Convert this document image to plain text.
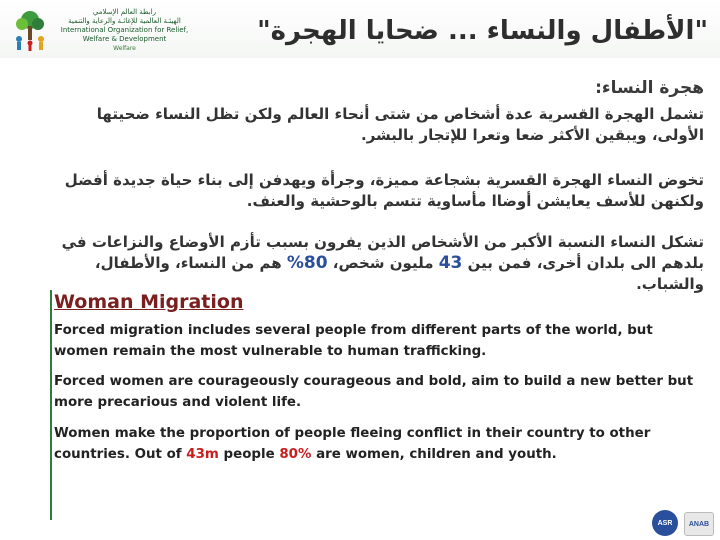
رابطة العالم الإسلامي
الهيئـة العالمية للإغاثـة والرعاية والتنمية
International Organization for Relief, Welfare & Development
Welfare
"الأطفال والنساء ... ضحايا الهجرة"
هجرة النساء:
تشمل الهجرة القسرية عدة أشخاص من شتى أنحاء العالم ولكن تظل النساء ضحيتها الأولى، ويبقين الأكثر ضعا وتعرا للإتجار بالبشر.
تخوض النساء الهجرة القسرية بشجاعة مميزة، وجرأة ويهدفن إلى بناء حياة جديدة أفضل ولكنهن للأسف يعايشن أوضاا مأساوية تتسم بالوحشية والعنف.
تشكل النساء النسبة الأكبر من الأشخاص الذين يفرون بسبب تأزم الأوضاع والنزاعات في بلدهم الى بلدان أخرى، فمن بين 43 مليون شخص، 80% هم من النساء، والأطفال، والشباب.
Woman Migration
Forced migration includes several people from different parts of the world, but women remain the most vulnerable to human trafficking.
Forced women are courageously courageous and bold, aim to build a new better but more precarious and violent life.
Women make the proportion of people fleeing conflict in their country to other countries. Out of 43m people 80% are women, children and youth.
ASR	ANAB
